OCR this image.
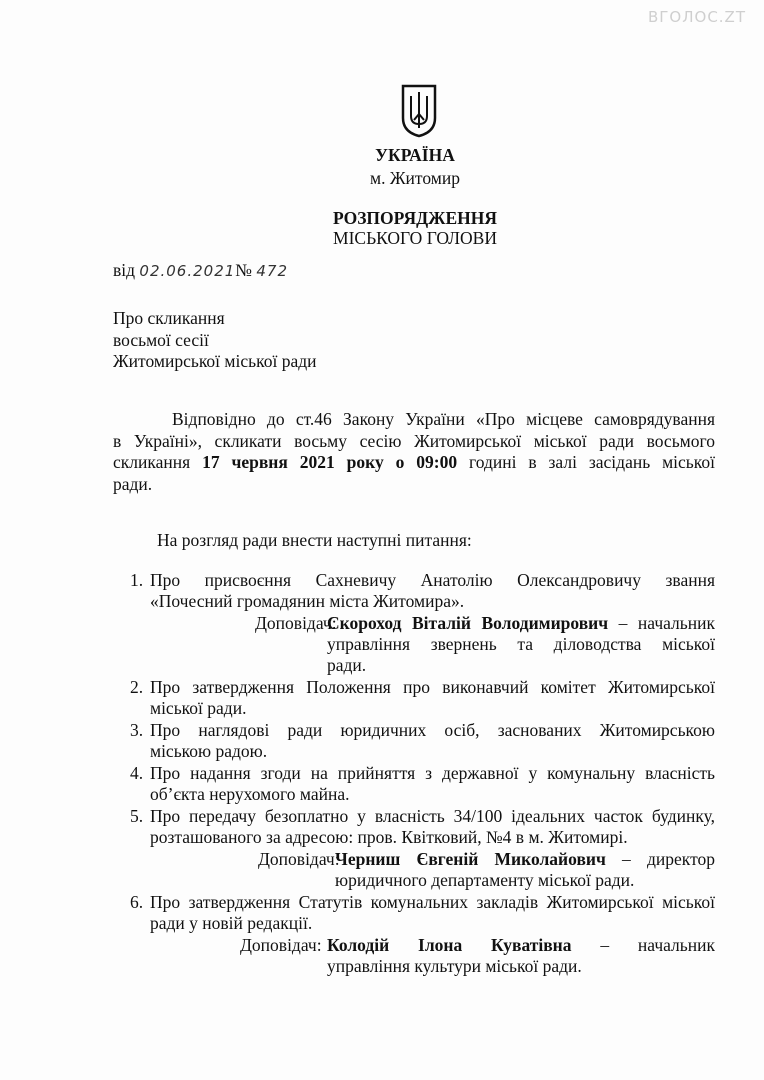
ВГОЛОС.ZT
УКРАЇНА
м. Житомир
РОЗПОРЯДЖЕННЯ
МІСЬКОГО ГОЛОВИ
від 02.06.2021№ 472
Про скликання
восьмої сесії
Житомирської міської ради
Відповідно до ст.46 Закону України «Про місцеве самоврядування
в Україні», скликати восьму сесію Житомирської міської ради восьмого
скликання 17 червня 2021 року о 09:00 годині в залі засідань міської
ради.
На розгляд ради внести наступні питання:
1. Про присвоєння Сахневичу Анатолію Олександровичу звання
«Почесний громадянин міста Житомира».
Доповідач:
Скороход Віталій Володимирович – начальник
управління звернень та діловодства міської
ради.
2. Про затвердження Положення про виконавчий комітет Житомирської
міської ради.
3. Про наглядові ради юридичних осіб, заснованих Житомирською
міською радою.
4. Про надання згоди на прийняття з державної у комунальну власність
об’єкта нерухомого майна.
5. Про передачу безоплатно у власність 34/100 ідеальних часток будинку,
розташованого за адресою: пров. Квітковий, №4 в м. Житомирі.
Доповідач:
Черниш Євгеній Миколайович – директор
юридичного департаменту міської ради.
6. Про затвердження Статутів комунальних закладів Житомирської міської
ради у новій редакції.
Доповідач: Колодій Ілона Куватівна – начальник
управління культури міської ради.
